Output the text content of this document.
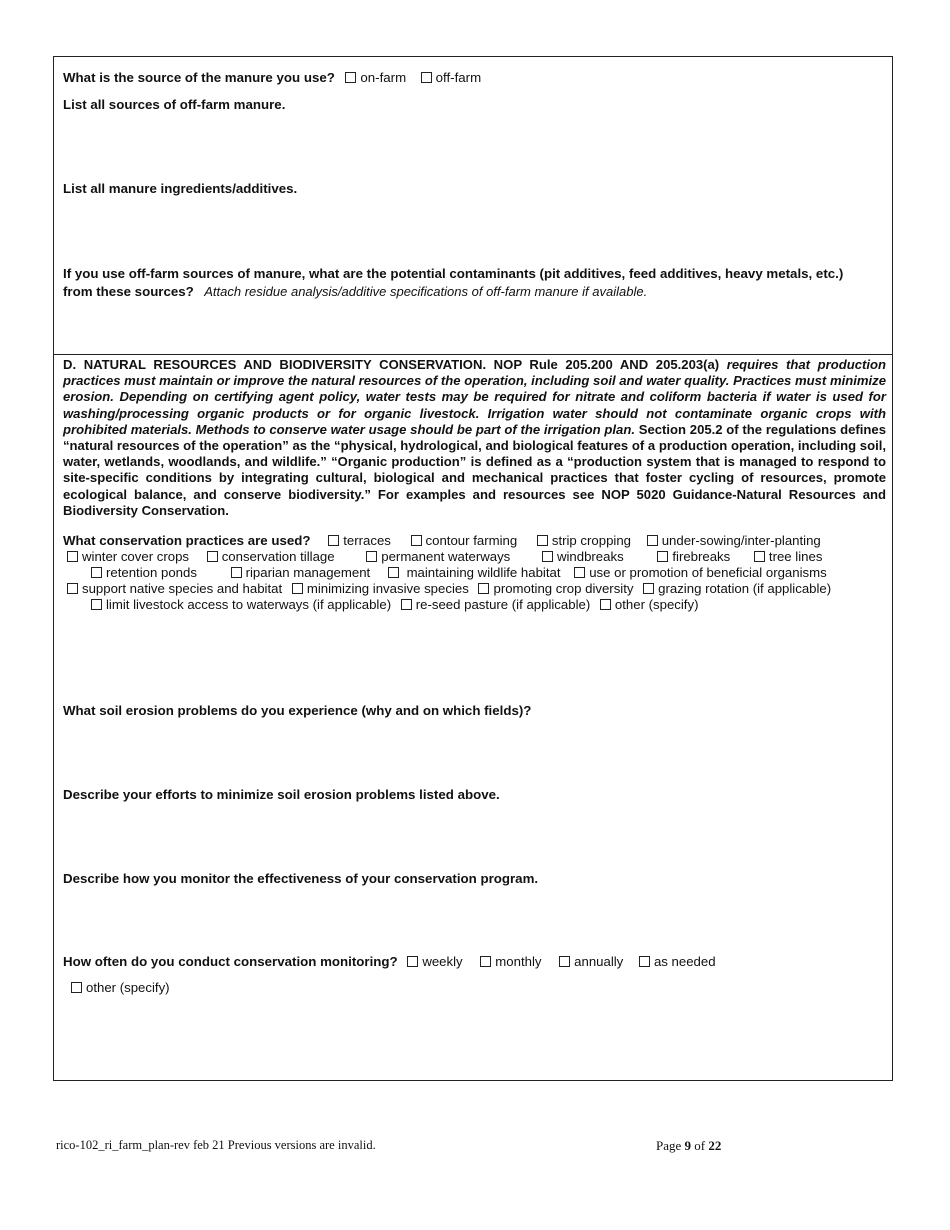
What is the source of the manure you use? on-farm off-farm
List all sources of off-farm manure.
List all manure ingredients/additives.
If you use off-farm sources of manure, what are the potential contaminants (pit additives, feed additives, heavy metals, etc.)
from these sources? Attach residue analysis/additive specifications of off-farm manure if available.
D. NATURAL RESOURCES AND BIODIVERSITY CONSERVATION. NOP Rule 205.200 AND 205.203(a) requires that production practices must maintain or improve the natural resources of the operation, including soil and water quality. Practices must minimize erosion. Depending on certifying agent policy, water tests may be required for nitrate and coliform bacteria if water is used for washing/processing organic products or for organic livestock. Irrigation water should not contaminate organic crops with prohibited materials. Methods to conserve water usage should be part of the irrigation plan. Section 205.2 of the regulations defines “natural resources of the operation” as the “physical, hydrological, and biological features of a production operation, including soil, water, wetlands, woodlands, and wildlife.” “Organic production” is defined as a “production system that is managed to respond to site-specific conditions by integrating cultural, biological and mechanical practices that foster cycling of resources, promote ecological balance, and conserve biodiversity.” For examples and resources see NOP 5020 Guidance-Natural Resources and Biodiversity Conservation.
What conservation practices are used? terraces	contour farming	strip cropping under-sowing/inter-planting
winter cover crops conservation tillage	permanent waterways	windbreaks	firebreaks	tree lines
retention ponds	riparian management	maintaining wildlife habitat use or promotion of beneficial organisms
support native species and habitat minimizing invasive species promoting crop diversity grazing rotation (if applicable)
limit livestock access to waterways (if applicable) re-seed pasture (if applicable) other (specify)
What soil erosion problems do you experience (why and on which fields)?
Describe your efforts to minimize soil erosion problems listed above.
Describe how you monitor the effectiveness of your conservation program.
How often do you conduct conservation monitoring? weekly monthly annually as needed
other (specify)
rico-102_ri_farm_plan-rev feb 21 Previous versions are invalid.	Page 9 of 22
